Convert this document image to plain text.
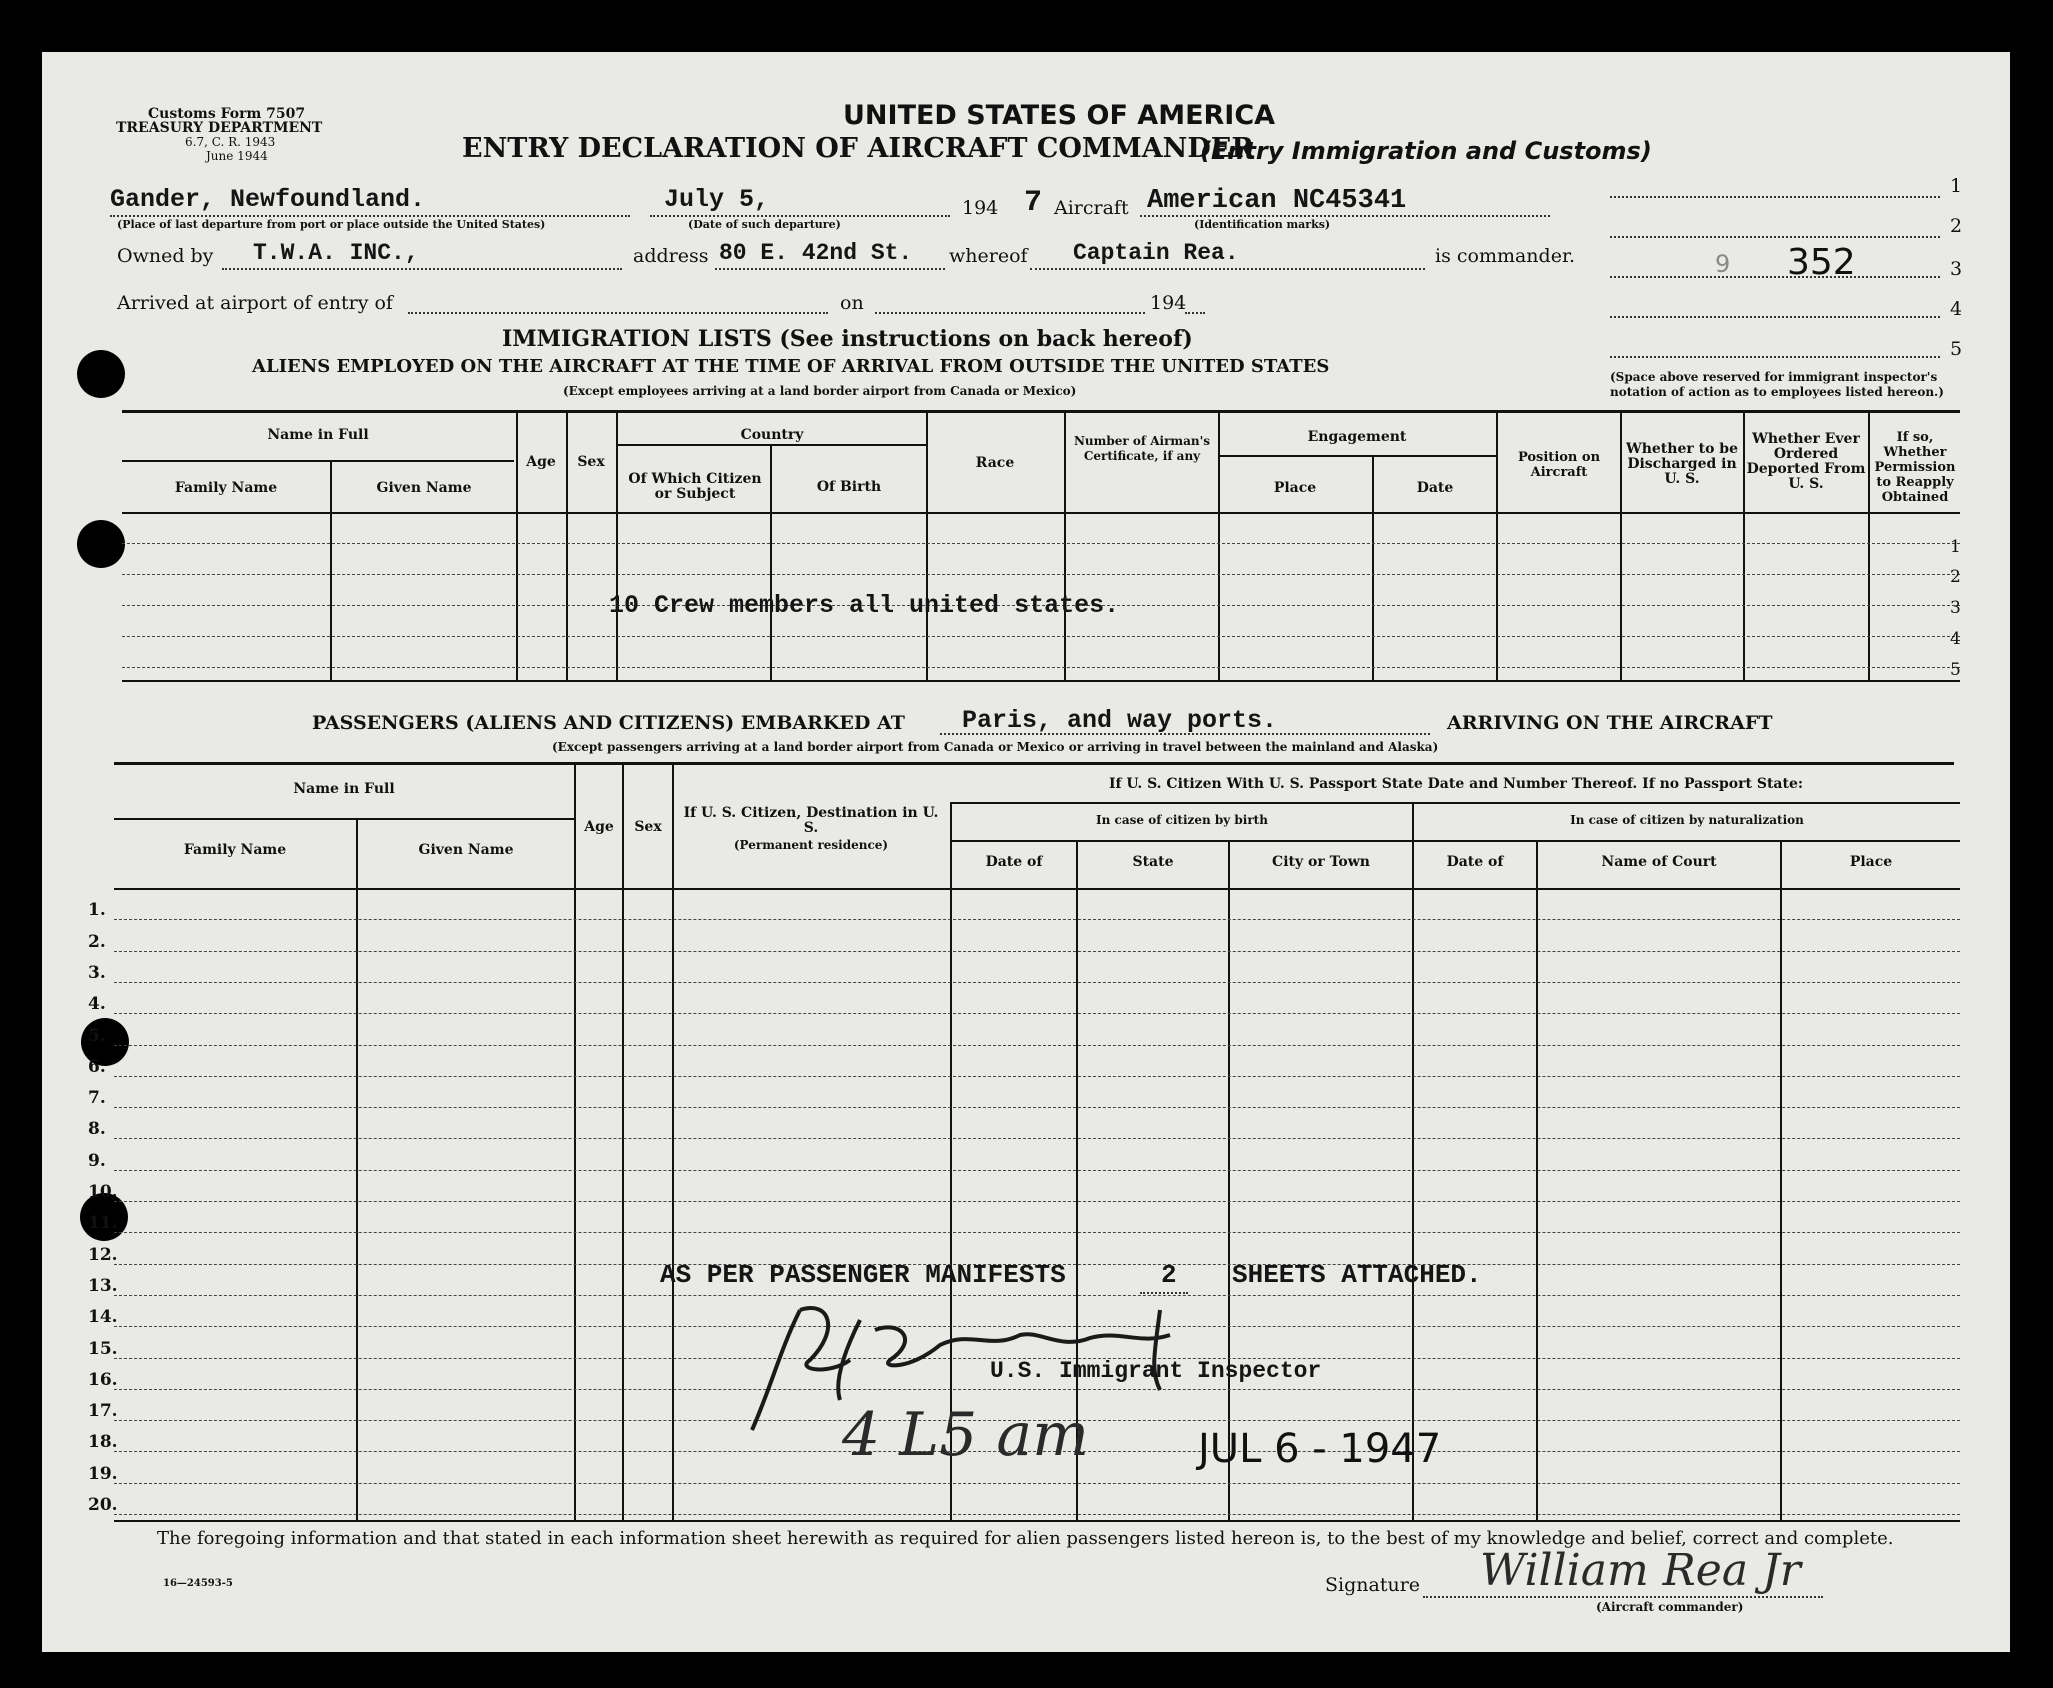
Customs Form 7507
TREASURY DEPARTMENT
6.7, C. R. 1943
June 1944
UNITED STATES OF AMERICA
ENTRY DECLARATION OF AIRCRAFT COMMANDER
(Entry Immigration and Customs)
Gander, Newfoundland.
(Place of last departure from port or place outside the United States)
July 5,
(Date of such departure)
194 7 Aircraft American NC45341
(Identification marks)
Owned by T.W.A. INC.,	address 80 E. 42nd St. whereof Captain Rea.	is commander.
Arrived at airport of entry of	on	194
1
2
3
4
5
9 352
(Space above reserved for immigrant inspector's
notation of action as to employees listed hereon.)
IMMIGRATION LISTS (See instructions on back hereof)
ALIENS EMPLOYED ON THE AIRCRAFT AT THE TIME OF ARRIVAL FROM OUTSIDE THE UNITED STATES
(Except employees arriving at a land border airport from Canada or Mexico)
Name in Full
Family Name	Given Name
Age	Sex
Country
Of Which Citizen or Subject	Of Birth
Race
Number of Airman's Certificate, if any
Engagement
Place	Date
Position on Aircraft
Whether to be Discharged in U. S.
Whether Ever Ordered Deported From U. S.
If so, Whether Permission to Reapply Obtained
1
2
3
4
5
10 Crew members all united states.
PASSENGERS (ALIENS AND CITIZENS) EMBARKED AT Paris, and way ports.	ARRIVING ON THE AIRCRAFT
(Except passengers arriving at a land border airport from Canada or Mexico or arriving in travel between the mainland and Alaska)
Name in Full
Family Name	Given Name
Age	Sex
If U. S. Citizen, Destination in U. S.
(Permanent residence)
If U. S. Citizen With U. S. Passport State Date and Number Thereof. If no Passport State:
In case of citizen by birth
Date of	State	City or Town
In case of citizen by naturalization
Date of	Name of Court	Place
1.
2.
3.
4.
5.
6.
7.
8.
9.
10.
11.
12.
13.
14.
15.
16.
17.
18.
19.
20.
AS PER PASSENGER MANIFESTS	2 SHEETS ATTACHED.
U.S. Immigrant Inspector
4 L5 am	JUL 6 - 1947
The foregoing information and that stated in each information sheet herewith as required for alien passengers listed hereon is, to the best of my knowledge and belief, correct and complete.
16—24593-5	Signature William Rea Jr
(Aircraft commander)
